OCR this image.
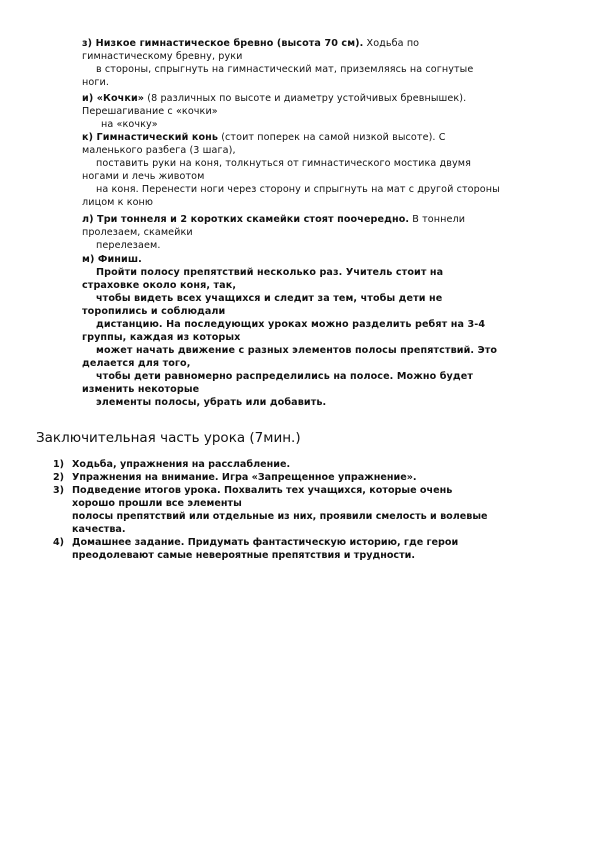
з) Низкое гимнастическое бревно (высота 70 см). Ходьба по
гимнастическому бревну, руки
в стороны, спрыгнуть на гимнастический мат, приземляясь на согнутые
ноги.
и) «Кочки» (8 различных по высоте и диаметру устойчивых бревнышек).
Перешагивание с «кочки»
на «кочку»
к) Гимнастический конь (стоит поперек на самой низкой высоте). С
маленького разбега (3 шага),
поставить руки на коня, толкнуться от гимнастического мостика двумя
ногами и лечь животом
на коня. Перенести ноги через сторону и спрыгнуть на мат с другой стороны
лицом к коню
л) Три тоннеля и 2 коротких скамейки стоят поочередно. В тоннели
пролезаем, скамейки
перелезаем.
м) Финиш.
Пройти полосу препятствий несколько раз. Учитель стоит на
страховке около коня, так,
чтобы видеть всех учащихся и следит за тем, чтобы дети не
торопились и соблюдали
дистанцию. На последующих уроках можно разделить ребят на 3-4
группы, каждая из которых
может начать движение с разных элементов полосы препятствий. Это
делается для того,
чтобы дети равномерно распределились на полосе. Можно будет
изменить некоторые
элементы полосы, убрать или добавить.
Заключительная часть урока (7мин.)
1) Ходьба, упражнения на расслабление.
2) Упражнения на внимание. Игра «Запрещенное упражнение».
3) Подведение итогов урока. Похвалить тех учащихся, которые очень
хорошо прошли все элементы
полосы препятствий или отдельные из них, проявили смелость и волевые
качества.
4) Домашнее задание. Придумать фантастическую историю, где герои
преодолевают самые невероятные препятствия и трудности.
